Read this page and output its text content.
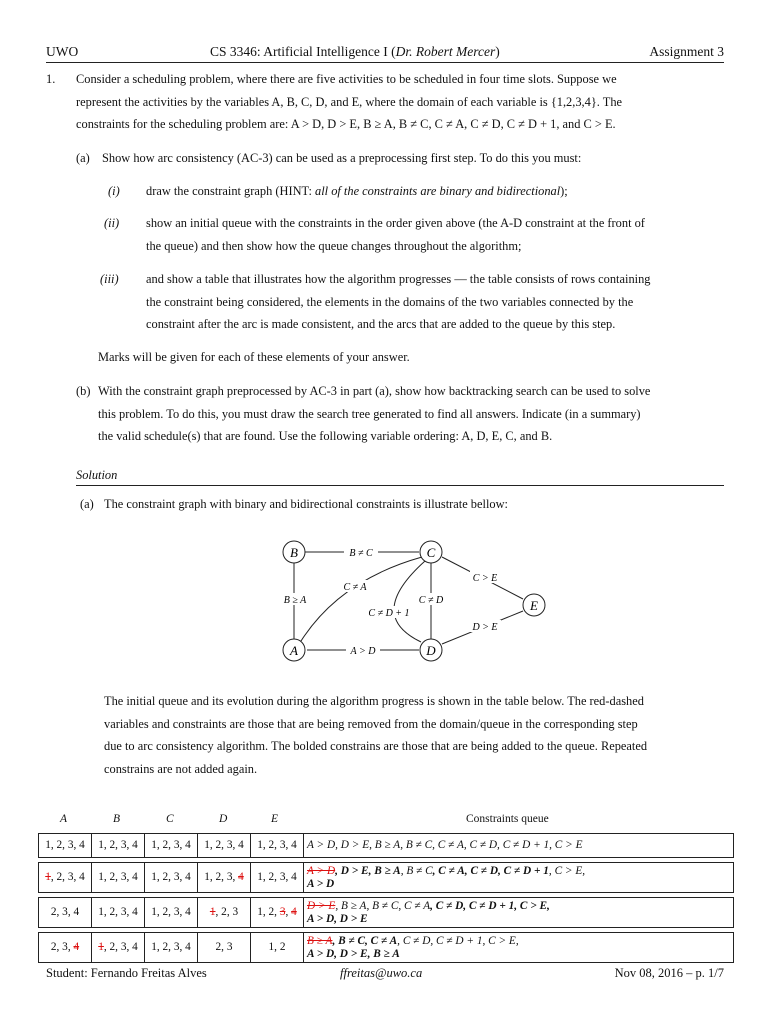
UWO	CS 3346: Artificial Intelligence I (Dr. Robert Mercer)	Assignment 3
1. Consider a scheduling problem, where there are five activities to be scheduled in four time slots. Suppose we
represent the activities by the variables A, B, C, D, and E, where the domain of each variable is {1,2,3,4}. The
constraints for the scheduling problem are: A > D, D > E, B ≥ A, B ≠ C, C ≠ A, C ≠ D, C ≠ D + 1, and C > E.
(a) Show how arc consistency (AC-3) can be used as a preprocessing first step. To do this you must:
(i) draw the constraint graph (HINT: all of the constraints are binary and bidirectional);
(ii) show an initial queue with the constraints in the order given above (the A-D constraint at the front of
the queue) and then show how the queue changes throughout the algorithm;
(iii) and show a table that illustrates how the algorithm progresses — the table consists of rows containing
the constraint being considered, the elements in the domains of the two variables connected by the
constraint after the arc is made consistent, and the arcs that are added to the queue by this step.
Marks will be given for each of these elements of your answer.
(b) With the constraint graph preprocessed by AC-3 in part (a), show how backtracking search can be used to solve
this problem. To do this, you must draw the search tree generated to find all answers. Indicate (in a summary)
the valid schedule(s) that are found. Use the following variable ordering: A, D, E, C, and B.
Solution
(a) The constraint graph with binary and bidirectional constraints is illustrate bellow:
B	C
A	D
E
B ≠ C
C ≠ A
B ≥ A
C ≠ D + 1
C ≠ D
C > E
D > E
A > D
The initial queue and its evolution during the algorithm progress is shown in the table below. The red-dashed
variables and constraints are those that are being removed from the domain/queue in the corresponding step
due to arc consistency algorithm. The bolded constrains are those that are being added to the queue. Repeated
constrains are not added again.
A	B	C	D	E	Constraints queue
1, 2, 3, 4	1, 2, 3, 4	1, 2, 3, 4	1, 2, 3, 4	1, 2, 3, 4	A > D, D > E, B ≥ A, B ≠ C, C ≠ A, C ≠ D, C ≠ D + 1, C > E

1, 2, 3, 4	1, 2, 3, 4	1, 2, 3, 4	1, 2, 3, 4	1, 2, 3, 4	A > D, D > E, B ≥ A, B ≠ C, C ≠ A, C ≠ D, C ≠ D + 1, C > E,
A > D

2, 3, 4	1, 2, 3, 4	1, 2, 3, 4	1, 2, 3	1, 2, 3, 4	D > E, B ≥ A, B ≠ C, C ≠ A, C ≠ D, C ≠ D + 1, C > E,
A > D, D > E

2, 3, 4	1, 2, 3, 4	1, 2, 3, 4	2, 3	1, 2	B ≥ A, B ≠ C, C ≠ A, C ≠ D, C ≠ D + 1, C > E,
A > D, D > E, B ≥ A
Student: Fernando Freitas Alves	ffreitas@uwo.ca	Nov 08, 2016 – p. 1/7
